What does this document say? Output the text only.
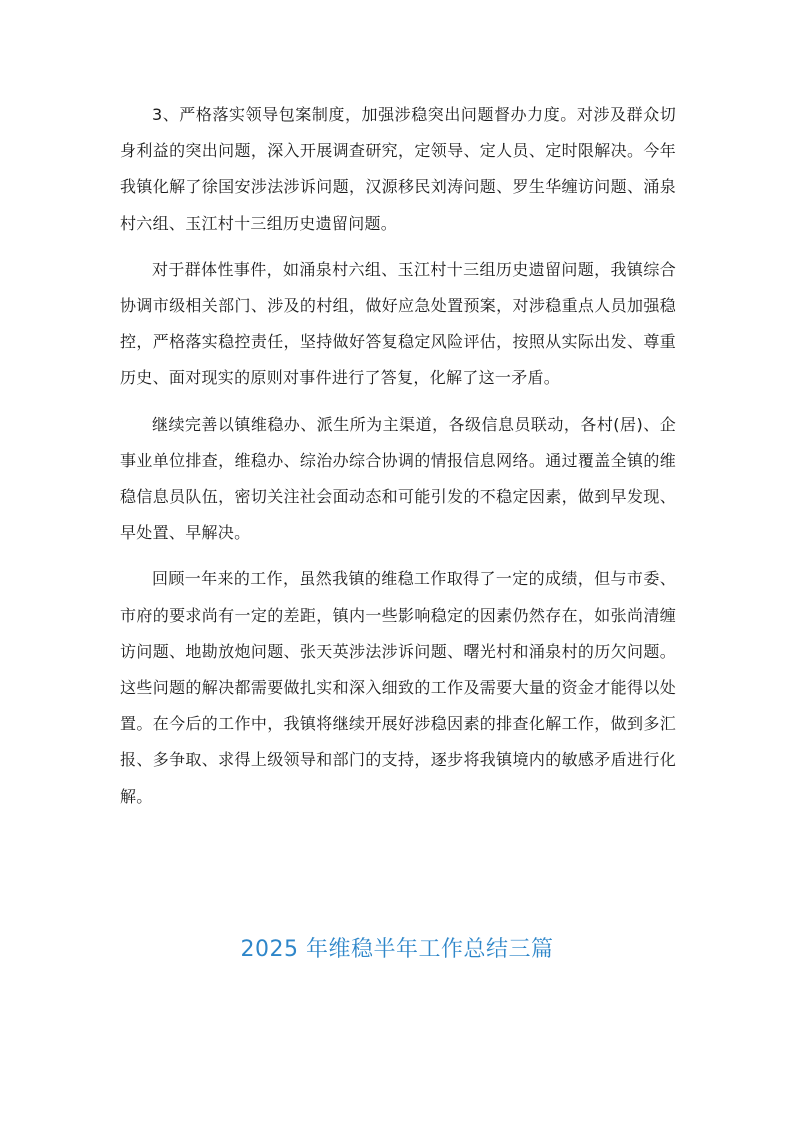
3、严格落实领导包案制度，加强涉稳突出问题督办力度。对涉及群众切身利益的突出问题，深入开展调查研究，定领导、定人员、定时限解决。今年我镇化解了徐国安涉法涉诉问题，汉源移民刘涛问题、罗生华缠访问题、涌泉村六组、玉江村十三组历史遗留问题。

对于群体性事件，如涌泉村六组、玉江村十三组历史遗留问题，我镇综合协调市级相关部门、涉及的村组，做好应急处置预案，对涉稳重点人员加强稳控，严格落实稳控责任，坚持做好答复稳定风险评估，按照从实际出发、尊重历史、面对现实的原则对事件进行了答复，化解了这一矛盾。

继续完善以镇维稳办、派生所为主渠道，各级信息员联动，各村(居)、企事业单位排查，维稳办、综治办综合协调的情报信息网络。通过覆盖全镇的维稳信息员队伍，密切关注社会面动态和可能引发的不稳定因素，做到早发现、早处置、早解决。

回顾一年来的工作，虽然我镇的维稳工作取得了一定的成绩，但与市委、市府的要求尚有一定的差距，镇内一些影响稳定的因素仍然存在，如张尚清缠访问题、地勘放炮问题、张天英涉法涉诉问题、曙光村和涌泉村的历欠问题。这些问题的解决都需要做扎实和深入细致的工作及需要大量的资金才能得以处置。在今后的工作中，我镇将继续开展好涉稳因素的排查化解工作，做到多汇报、多争取、求得上级领导和部门的支持，逐步将我镇境内的敏感矛盾进行化解。

2025 年维稳半年工作总结三篇
